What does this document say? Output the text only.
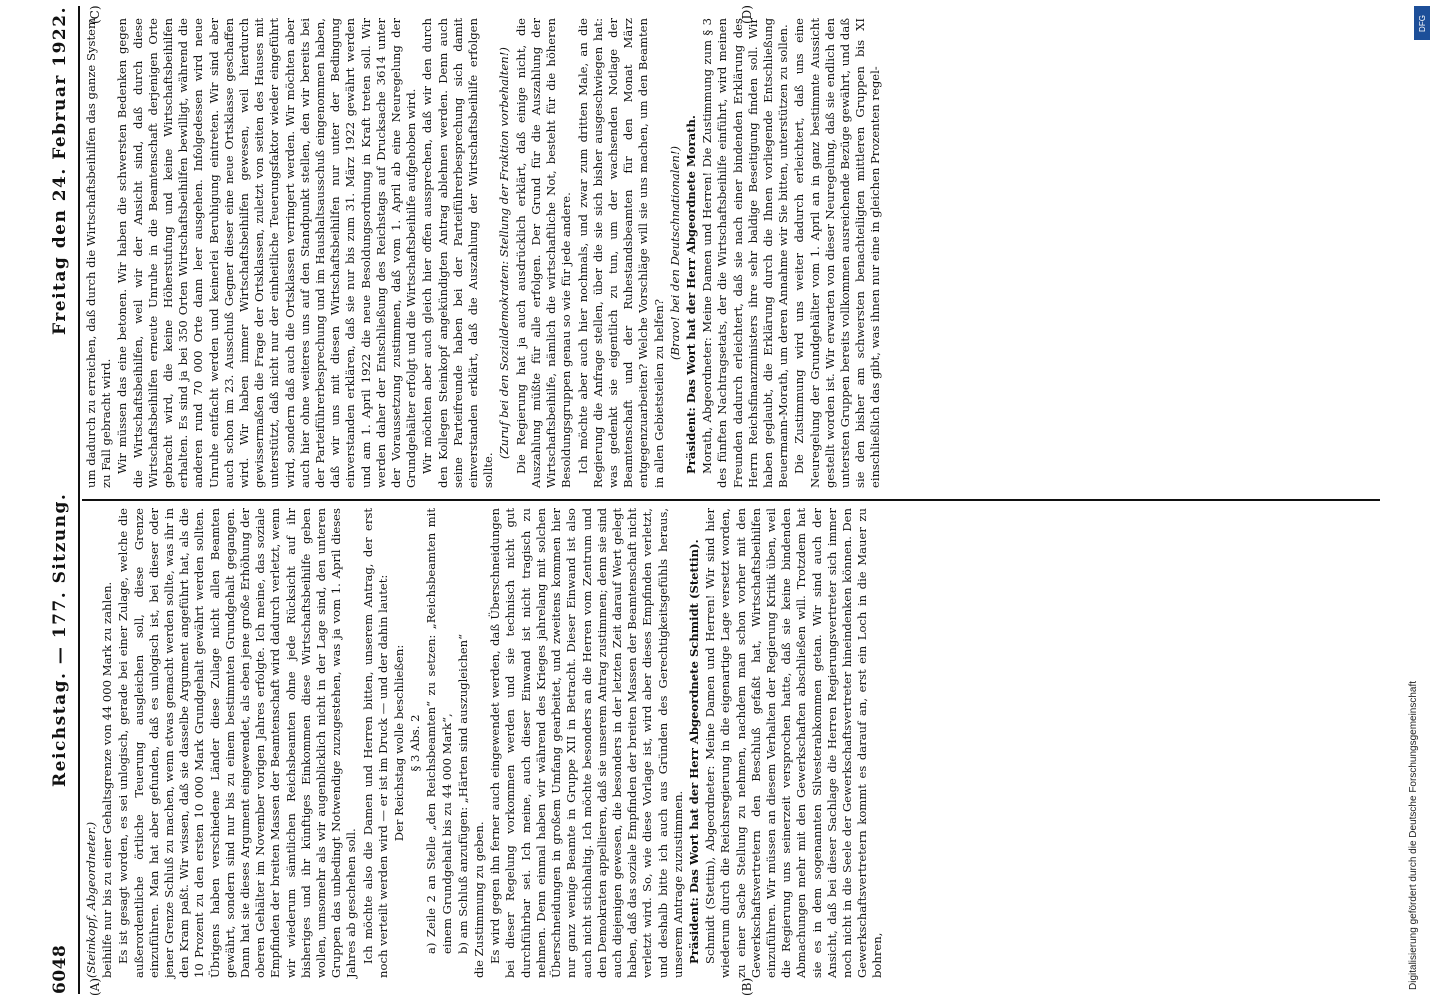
6048
Reichstag. — 177. Sitzung.
Freitag den 24. Februar 1922.
(A)	(B)
(C)	(D)

(Steinkopf, Abgeordneter.) beihilfe nur bis zu einer Gehaltsgrenze von 44 000 Mark zu zahlen. Es ist gesagt worden, es sei unlogisch, gerade bei einer Zulage, welche die außerordentliche örtliche Teuerung ausgleichen soll, diese Grenze einzuführen. Man hat aber gefunden, daß es unlogisch ist, bei dieser oder jener Grenze Schluß zu machen, wenn etwas gemacht werden sollte, was ihr in den Kram paßt. Wir wissen, daß sie dasselbe Argument angeführt hat, als die 10 Prozent zu den ersten 10 000 Mark Grundgehalt gewährt werden sollten. Übrigens haben verschiedene Länder diese Zulage nicht allen Beamten gewährt, sondern sind nur bis zu einem bestimmten Grundgehalt gegangen. Dann hat sie dieses Argument eingewendet, als eben jene große Erhöhung der oberen Gehälter im November vorigen Jahres erfolgte. Ich meine, das soziale Empfinden der breiten Massen der Beamtenschaft wird dadurch verletzt, wenn wir wiederum sämtlichen Reichsbeamten ohne jede Rücksicht auf ihr bisheriges und ihr künftiges Einkommen diese Wirtschaftsbeihilfe geben wollen, umsomehr als wir augenblicklich nicht in der Lage sind, den unteren Gruppen das unbedingt Notwendige zuzugestehen, was ja vom 1. April dieses Jahres ab geschehen soll. Ich möchte also die Damen und Herren bitten, unserem Antrag, der erst noch verteilt werden wird — er ist im Druck — und der dahin lautet: Der Reichstag wolle beschließen: § 3 Abs. 2 a) Zeile 2 an Stelle „den Reichsbeamten“ zu setzen: „Reichsbeamten mit einem Grundgehalt bis zu 44 000 Mark“, b) am Schluß anzufügen: „Härten sind auszugleichen“ die Zustimmung zu geben. Es wird gegen ihn ferner auch eingewendet werden, daß Überschneidungen bei dieser Regelung vorkommen werden und sie technisch nicht gut durchführbar sei. Ich meine, auch dieser Einwand ist nicht tragisch zu nehmen. Denn einmal haben wir während des Krieges jahrelang mit solchen Überschneidungen in großem Umfang gearbeitet, und zweitens kommen hier nur ganz wenige Beamte in Gruppe XII in Betracht. Dieser Einwand ist also auch nicht stichhaltig. Ich möchte besonders an die Herren vom Zentrum und den Demokraten appellieren, daß sie unserem Antrag zustimmen; denn sie sind auch diejenigen gewesen, die besonders in der letzten Zeit darauf Wert gelegt haben, daß das soziale Empfinden der breiten Massen der Beamtenschaft nicht verletzt wird. So, wie diese Vorlage ist, wird aber dieses Empfinden verletzt, und deshalb bitte ich auch aus Gründen des Gerechtigkeitsgefühls heraus, unserem Antrage zuzustimmen. Präsident: Das Wort hat der Herr Abgeordnete Schmidt (Stettin). Schmidt (Stettin), Abgeordneter: Meine Damen und Herren! Wir sind hier wiederum durch die Reichsregierung in die eigenartige Lage versetzt worden, zu einer Sache Stellung zu nehmen, nachdem man schon vorher mit den Gewerkschaftsvertretern den Beschluß gefaßt hat, Wirtschaftsbeihilfen einzuführen. Wir müssen an diesem Verhalten der Regierung Kritik üben, weil die Regierung uns seinerzeit versprochen hatte, daß sie keine bindenden Abmachungen mehr mit den Gewerkschaften abschließen will. Trotzdem hat sie es in dem sogenannten Silvesterabkommen getan. Wir sind auch der Ansicht, daß bei dieser Sachlage die Herren Regierungsvertreter sich immer noch nicht in die Seele der Gewerkschaftsvertreter hineindenken können. Den Gewerkschaftsvertretern kommt es darauf an, erst ein Loch in die Mauer zu bohren,

um dadurch zu erreichen, daß durch die Wirtschaftsbeihilfen das ganze System zu Fall gebracht wird. Wir müssen das eine betonen. Wir haben die schwersten Bedenken gegen die Wirtschaftsbeihilfen, weil wir der Ansicht sind, daß durch diese Wirtschaftsbeihilfen erneute Unruhe in die Beamtenschaft derjenigen Orte gebracht wird, die keine Höherstufung und keine Wirtschaftsbeihilfen erhalten. Es sind ja bei 350 Orten Wirtschaftsbeihilfen bewilligt, während die anderen rund 70 000 Orte dann leer ausgehen. Infolgedessen wird neue Unruhe entfacht werden und keinerlei Beruhigung eintreten. Wir sind aber auch schon im 23. Ausschuß Gegner dieser eine neue Ortsklasse geschaffen wird. Wir haben immer Wirtschaftsbeihilfen gewesen, weil hierdurch gewissermaßen die Frage der Ortsklassen, zuletzt von seiten des Hauses mit unterstützt, daß nicht nur der einheitliche Teuerungsfaktor wieder eingeführt wird, sondern daß auch die Ortsklassen verringert werden. Wir möchten aber auch hier ohne weiteres uns auf den Standpunkt stellen, den wir bereits bei der Parteiführerbesprechung und im Haushaltsausschuß eingenommen haben, daß wir uns mit diesen Wirtschaftsbeihilfen nur unter der Bedingung einverstanden erklären, daß sie nur bis zum 31. März 1922 gewährt werden und am 1. April 1922 die neue Besoldungsordnung in Kraft treten soll. Wir werden daher der Entschließung des Reichstags auf Drucksache 3614 unter der Voraussetzung zustimmen, daß vom 1. April ab eine Neuregelung der Grundgehälter erfolgt und die Wirtschaftsbeihilfe aufgehoben wird. Wir möchten aber auch gleich hier offen aussprechen, daß wir den durch den Kollegen Steinkopf angekündigten Antrag ablehnen werden. Denn auch seine Parteifreunde haben bei der Parteiführerbesprechung sich damit einverstanden erklärt, daß die Auszahlung der Wirtschaftsbeihilfe erfolgen sollte.

(Zuruf bei den Sozialdemokraten: Stellung der Fraktion vorbehalten!) Die Regierung hat ja auch ausdrücklich erklärt, daß einige nicht, die Auszahlung müßte für alle erfolgen. Der Grund für die Auszahlung der Wirtschaftsbeihilfe, nämlich die wirtschaftliche Not, besteht für die höheren Besoldungsgruppen genau so wie für jede andere. Ich möchte aber auch hier nochmals, und zwar zum dritten Male, an die Regierung die Anfrage stellen, über die sie sich bisher ausgeschwiegen hat: was gedenkt sie eigentlich zu tun, um der wachsenden Notlage der Beamtenschaft und der Ruhestandsbeamten für den Monat März entgegenzuarbeiten? Welche Vorschläge will sie uns machen, um den Beamten in allen Gebietsteilen zu helfen?

(Bravo! bei den Deutschnationalen!) Präsident: Das Wort hat der Herr Abgeordnete Morath. Morath, Abgeordneter: Meine Damen und Herren! Die Zustimmung zum § 3 des fünften Nachtragsetats, der die Wirtschaftsbeihilfe einführt, wird meinen Freunden dadurch erleichtert, daß sie nach einer bindenden Erklärung des Herrn Reichsfinanzministers ihre sehr baldige Beseitigung finden soll. Wir haben geglaubt, die Erklärung durch die Ihnen vorliegende Entschließung Beuermann-Morath, um deren Annahme wir Sie bitten, unterstützen zu sollen. Die Zustimmung wird uns weiter dadurch erleichtert, daß uns eine Neuregelung der Grundgehälter vom 1. April an in ganz bestimmte Aussicht gestellt worden ist. Wir erwarten von dieser Neuregelung, daß sie endlich den untersten Gruppen bereits vollkommen ausreichende Bezüge gewährt, und daß sie den bisher am schwersten benachteiligten mittleren Gruppen bis XI einschließlich das gibt, was ihnen nur eine in gleichen Prozenten regel-

DFG
Digitalisierung gefördert durch die Deutsche Forschungsgemeinschaft
